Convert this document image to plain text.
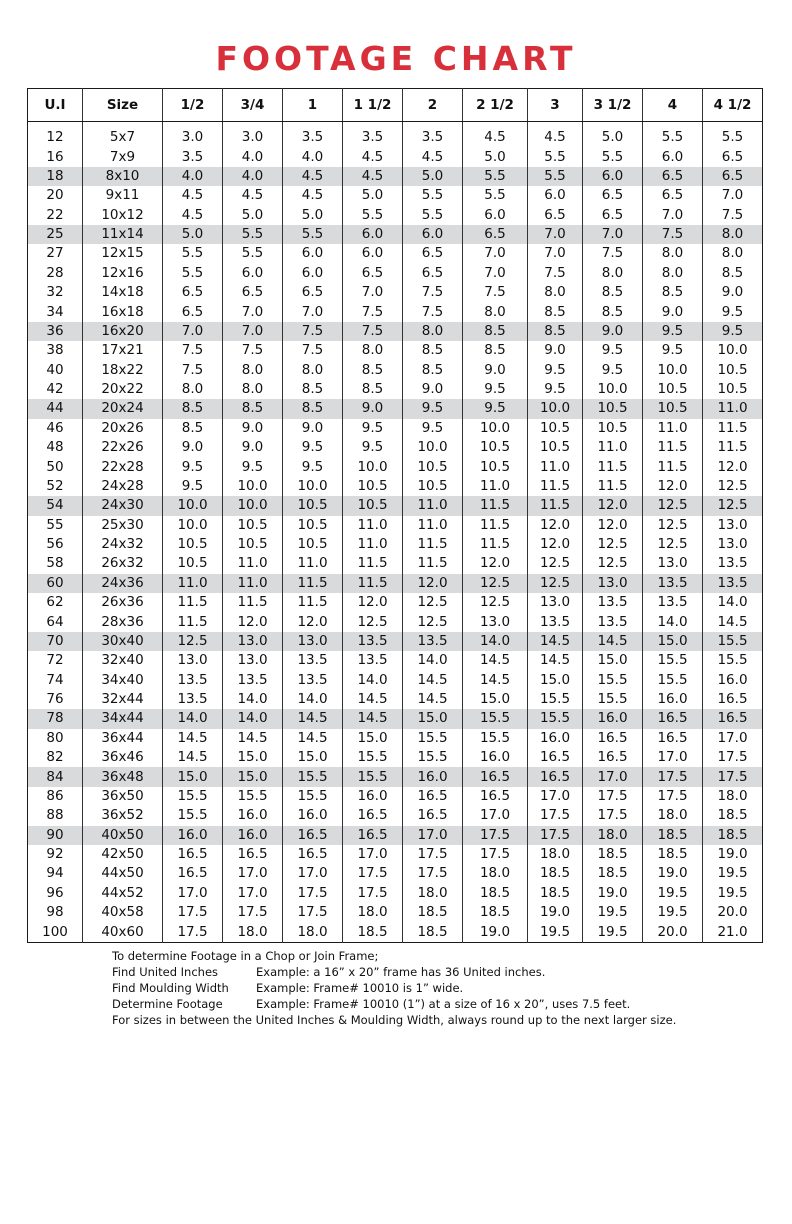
FOOTAGE CHART
U.I	Size	1/2	3/4	1	1 1/2	2	2 1/2	3	3 1/2	4	4 1/2

12	5x7	3.0	3.0	3.5	3.5	3.5	4.5	4.5	5.0	5.5	5.5
16	7x9	3.5	4.0	4.0	4.5	4.5	5.0	5.5	5.5	6.0	6.5
18	8x10	4.0	4.0	4.5	4.5	5.0	5.5	5.5	6.0	6.5	6.5
20	9x11	4.5	4.5	4.5	5.0	5.5	5.5	6.0	6.5	6.5	7.0
22	10x12	4.5	5.0	5.0	5.5	5.5	6.0	6.5	6.5	7.0	7.5
25	11x14	5.0	5.5	5.5	6.0	6.0	6.5	7.0	7.0	7.5	8.0
27	12x15	5.5	5.5	6.0	6.0	6.5	7.0	7.0	7.5	8.0	8.0
28	12x16	5.5	6.0	6.0	6.5	6.5	7.0	7.5	8.0	8.0	8.5
32	14x18	6.5	6.5	6.5	7.0	7.5	7.5	8.0	8.5	8.5	9.0
34	16x18	6.5	7.0	7.0	7.5	7.5	8.0	8.5	8.5	9.0	9.5
36	16x20	7.0	7.0	7.5	7.5	8.0	8.5	8.5	9.0	9.5	9.5
38	17x21	7.5	7.5	7.5	8.0	8.5	8.5	9.0	9.5	9.5	10.0
40	18x22	7.5	8.0	8.0	8.5	8.5	9.0	9.5	9.5	10.0	10.5
42	20x22	8.0	8.0	8.5	8.5	9.0	9.5	9.5	10.0	10.5	10.5
44	20x24	8.5	8.5	8.5	9.0	9.5	9.5	10.0	10.5	10.5	11.0
46	20x26	8.5	9.0	9.0	9.5	9.5	10.0	10.5	10.5	11.0	11.5
48	22x26	9.0	9.0	9.5	9.5	10.0	10.5	10.5	11.0	11.5	11.5
50	22x28	9.5	9.5	9.5	10.0	10.5	10.5	11.0	11.5	11.5	12.0
52	24x28	9.5	10.0	10.0	10.5	10.5	11.0	11.5	11.5	12.0	12.5
54	24x30	10.0	10.0	10.5	10.5	11.0	11.5	11.5	12.0	12.5	12.5
55	25x30	10.0	10.5	10.5	11.0	11.0	11.5	12.0	12.0	12.5	13.0
56	24x32	10.5	10.5	10.5	11.0	11.5	11.5	12.0	12.5	12.5	13.0
58	26x32	10.5	11.0	11.0	11.5	11.5	12.0	12.5	12.5	13.0	13.5
60	24x36	11.0	11.0	11.5	11.5	12.0	12.5	12.5	13.0	13.5	13.5
62	26x36	11.5	11.5	11.5	12.0	12.5	12.5	13.0	13.5	13.5	14.0
64	28x36	11.5	12.0	12.0	12.5	12.5	13.0	13.5	13.5	14.0	14.5
70	30x40	12.5	13.0	13.0	13.5	13.5	14.0	14.5	14.5	15.0	15.5
72	32x40	13.0	13.0	13.5	13.5	14.0	14.5	14.5	15.0	15.5	15.5
74	34x40	13.5	13.5	13.5	14.0	14.5	14.5	15.0	15.5	15.5	16.0
76	32x44	13.5	14.0	14.0	14.5	14.5	15.0	15.5	15.5	16.0	16.5
78	34x44	14.0	14.0	14.5	14.5	15.0	15.5	15.5	16.0	16.5	16.5
80	36x44	14.5	14.5	14.5	15.0	15.5	15.5	16.0	16.5	16.5	17.0
82	36x46	14.5	15.0	15.0	15.5	15.5	16.0	16.5	16.5	17.0	17.5
84	36x48	15.0	15.0	15.5	15.5	16.0	16.5	16.5	17.0	17.5	17.5
86	36x50	15.5	15.5	15.5	16.0	16.5	16.5	17.0	17.5	17.5	18.0
88	36x52	15.5	16.0	16.0	16.5	16.5	17.0	17.5	17.5	18.0	18.5
90	40x50	16.0	16.0	16.5	16.5	17.0	17.5	17.5	18.0	18.5	18.5
92	42x50	16.5	16.5	16.5	17.0	17.5	17.5	18.0	18.5	18.5	19.0
94	44x50	16.5	17.0	17.0	17.5	17.5	18.0	18.5	18.5	19.0	19.5
96	44x52	17.0	17.0	17.5	17.5	18.0	18.5	18.5	19.0	19.5	19.5
98	40x58	17.5	17.5	17.5	18.0	18.5	18.5	19.0	19.5	19.5	20.0
100	40x60	17.5	18.0	18.0	18.5	18.5	19.0	19.5	19.5	20.0	21.0
To determine Footage in a Chop or Join Frame;
Find United Inches	Example: a 16” x 20” frame has 36 United inches.
Find Moulding Width Example: Frame# 10010 is 1” wide.
Determine Footage	Example: Frame# 10010 (1”) at a size of 16 x 20”, uses 7.5 feet.
For sizes in between the United Inches & Moulding Width, always round up to the next larger size.
